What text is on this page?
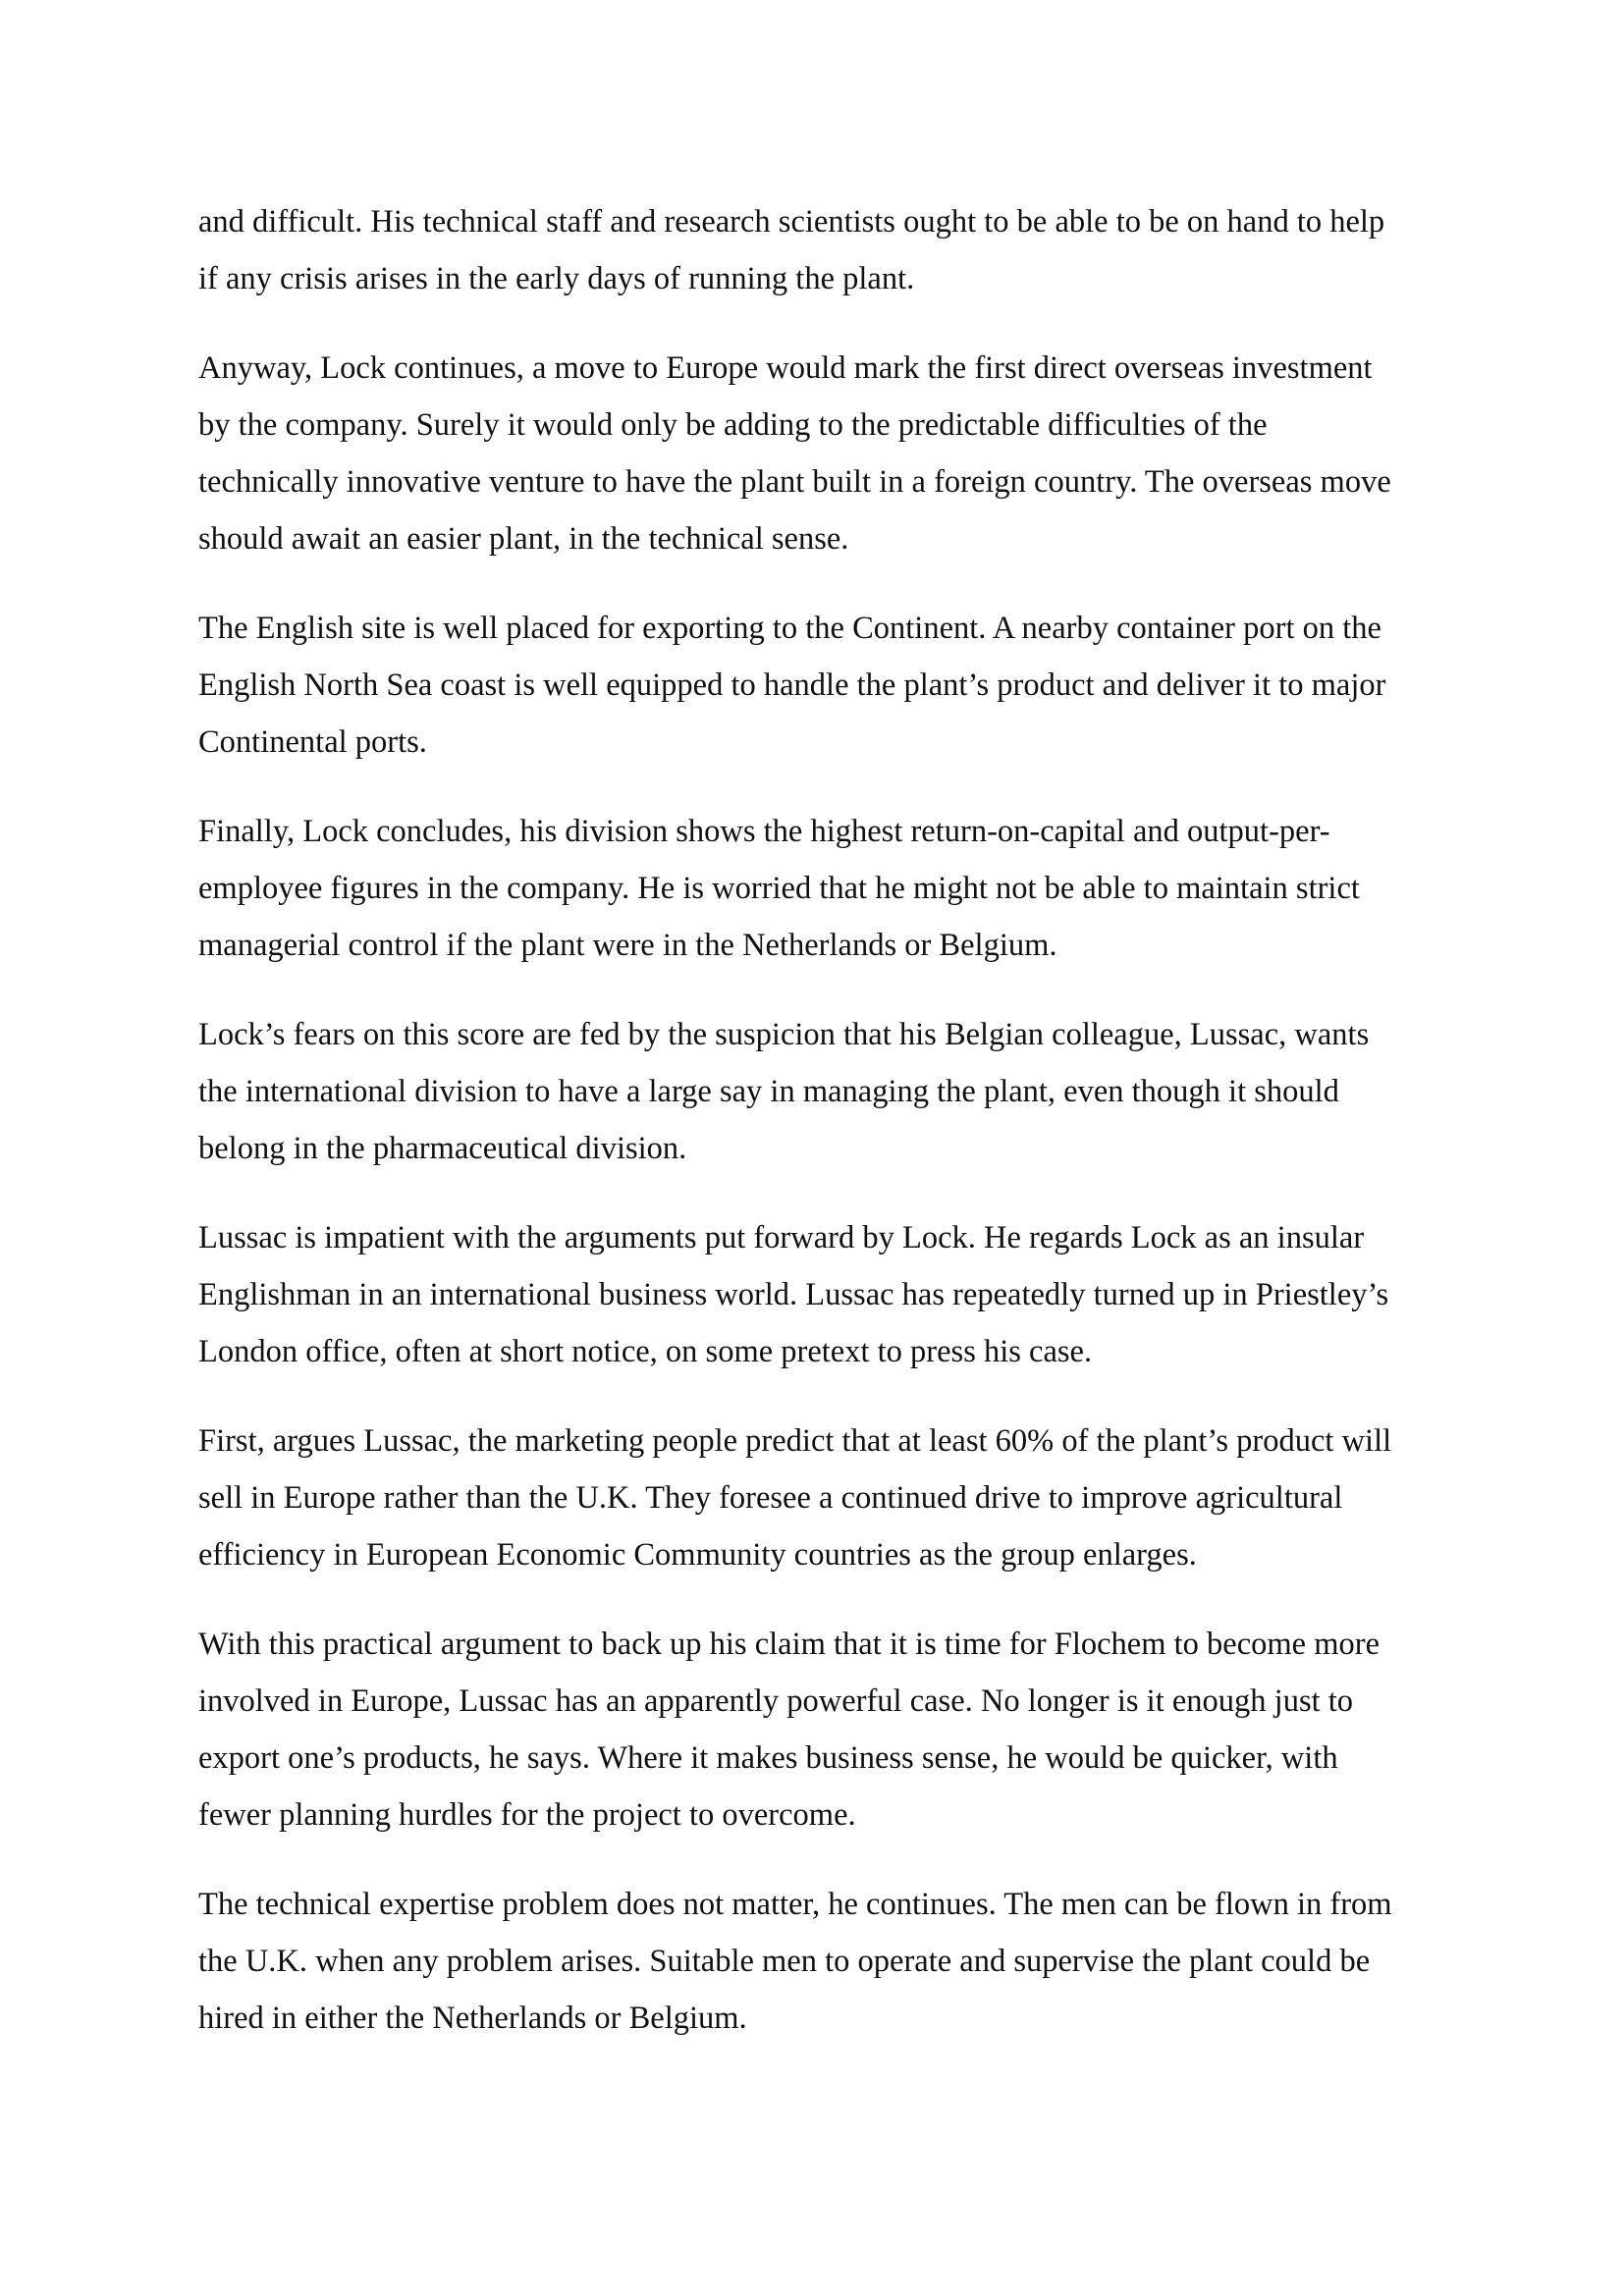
and difficult. His technical staff and research scientists ought to be able to be on hand to help
if any crisis arises in the early days of running the plant.

Anyway, Lock continues, a move to Europe would mark the first direct overseas investment
by the company. Surely it would only be adding to the predictable difficulties of the
technically innovative venture to have the plant built in a foreign country. The overseas move
should await an easier plant, in the technical sense.

The English site is well placed for exporting to the Continent. A nearby container port on the
English North Sea coast is well equipped to handle the plant’s product and deliver it to major
Continental ports.

Finally, Lock concludes, his division shows the highest return-on-capital and output-per-
employee figures in the company. He is worried that he might not be able to maintain strict
managerial control if the plant were in the Netherlands or Belgium.

Lock’s fears on this score are fed by the suspicion that his Belgian colleague, Lussac, wants
the international division to have a large say in managing the plant, even though it should
belong in the pharmaceutical division.

Lussac is impatient with the arguments put forward by Lock. He regards Lock as an insular
Englishman in an international business world. Lussac has repeatedly turned up in Priestley’s
London office, often at short notice, on some pretext to press his case.

First, argues Lussac, the marketing people predict that at least 60% of the plant’s product will
sell in Europe rather than the U.K. They foresee a continued drive to improve agricultural
efficiency in European Economic Community countries as the group enlarges.

With this practical argument to back up his claim that it is time for Flochem to become more
involved in Europe, Lussac has an apparently powerful case. No longer is it enough just to
export one’s products, he says. Where it makes business sense, he would be quicker, with
fewer planning hurdles for the project to overcome.

The technical expertise problem does not matter, he continues. The men can be flown in from
the U.K. when any problem arises. Suitable men to operate and supervise the plant could be
hired in either the Netherlands or Belgium.
